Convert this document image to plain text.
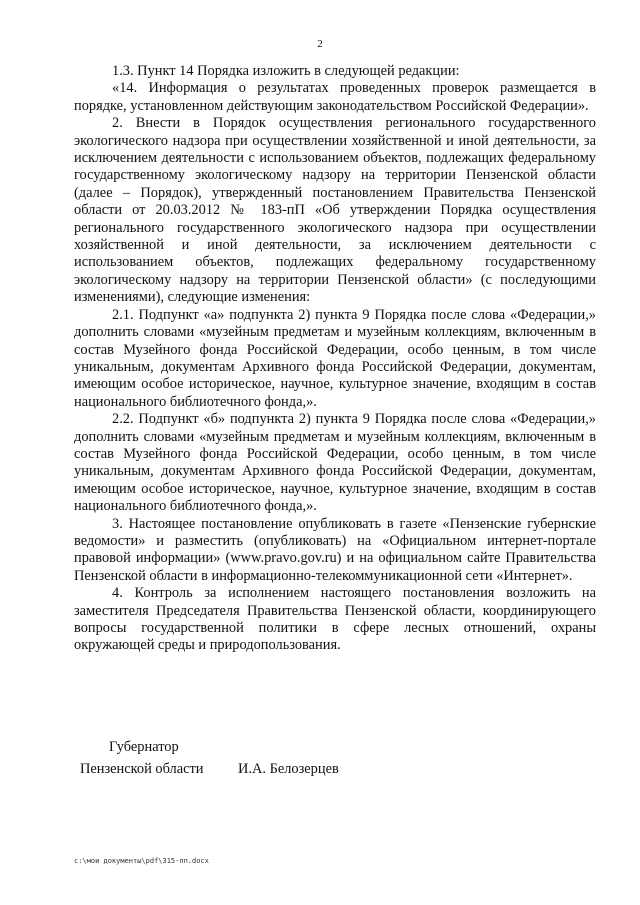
2

1.3. Пункт 14 Порядка изложить в следующей редакции:

«14. Информация о результатах проведенных проверок размещается в порядке, установленном действующим законодательством Российской Федерации».

2. Внести в Порядок осуществления регионального государственного экологического надзора при осуществлении хозяйственной и иной деятельности, за исключением деятельности с использованием объектов, подлежащих федеральному государственному экологическому надзору на территории Пензенской области (далее – Порядок), утвержденный постановлением Правительства Пензенской области от 20.03.2012 № 183-пП «Об утверждении Порядка осуществления регионального государственного экологического надзора при осуществлении хозяйственной и иной деятельности, за исключением деятельности с использованием объектов, подлежащих федеральному государственному экологическому надзору на территории Пензенской области» (с последующими изменениями), следующие изменения:

2.1. Подпункт «а» подпункта 2) пункта 9 Порядка после слова «Федерации,» дополнить словами «музейным предметам и музейным коллекциям, включенным в состав Музейного фонда Российской Федерации, особо ценным, в том числе уникальным, документам Архивного фонда Российской Федерации, документам, имеющим особое историческое, научное, культурное значение, входящим в состав национального библиотечного фонда,».

2.2. Подпункт «б» подпункта 2) пункта 9 Порядка после слова «Федерации,» дополнить словами «музейным предметам и музейным коллекциям, включенным в состав Музейного фонда Российской Федерации, особо ценным, в том числе уникальным, документам Архивного фонда Российской Федерации, документам, имеющим особое историческое, научное, культурное значение, входящим в состав национального библиотечного фонда,».

3. Настоящее постановление опубликовать в газете «Пензенские губернские ведомости» и разместить (опубликовать) на «Официальном интернет-портале правовой информации» (www.pravo.gov.ru) и на официальном сайте Правительства Пензенской области в информационно-телекоммуникационной сети «Интернет».

4. Контроль за исполнением настоящего постановления возложить на заместителя Председателя Правительства Пензенской области, координирующего вопросы государственной политики в сфере лесных отношений, охраны окружающей среды и природопользования.

Губернатор
Пензенской области И.А. Белозерцев
c:\мои документы\pdf\315-пп.docx
